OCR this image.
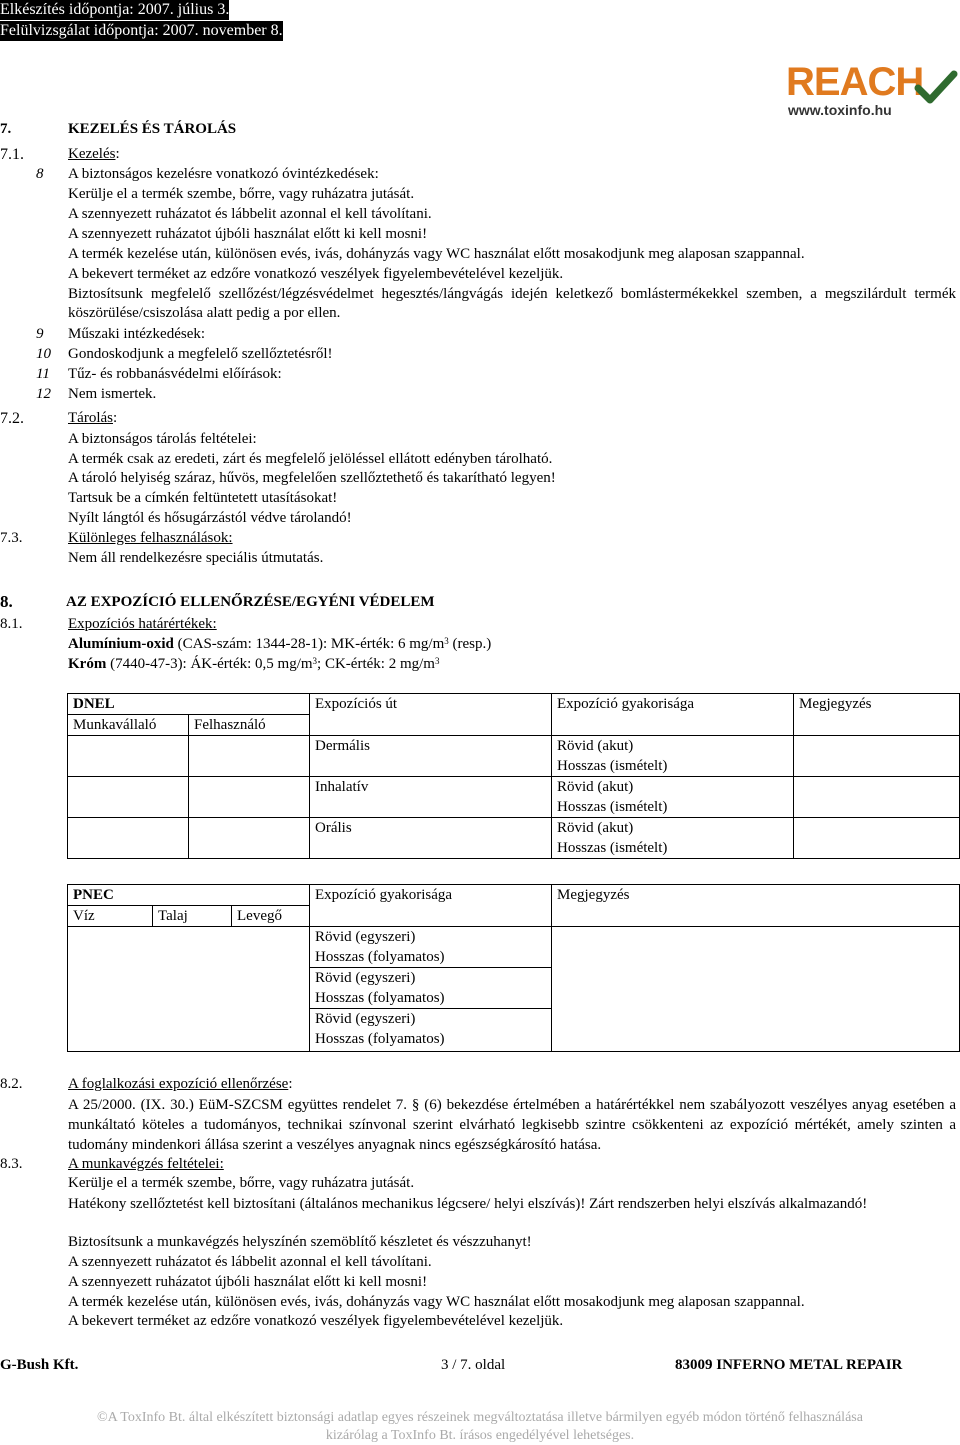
Elkészítés időpontja: 2007. július 3.
Felülvizsgálat időpontja: 2007. november 8.
REACH
www.toxinfo.hu
7.	KEZELÉS ÉS TÁROLÁS
7.1.	Kezelés:
8 A biztonságos kezelésre vonatkozó óvintézkedések:
Kerülje el a termék szembe, bőrre, vagy ruházatra jutását.
A szennyezett ruházatot és lábbelit azonnal el kell távolítani.
A szennyezett ruházatot újbóli használat előtt ki kell mosni!
A termék kezelése után, különösen evés, ivás, dohányzás vagy WC használat előtt mosakodjunk meg alaposan szappannal.
A bekevert terméket az edzőre vonatkozó veszélyek figyelembevételével kezeljük.
Biztosítsunk megfelelő szellőzést/légzésvédelmet hegesztés/lángvágás idején keletkező bomlástermékekkel szemben, a megszilárdult termék köszörülése/csiszolása alatt pedig a por ellen.
9 Műszaki intézkedések:
10 Gondoskodjunk a megfelelő szellőztetésről!
11 Tűz- és robbanásvédelmi előírások:
12 Nem ismertek.
7.2.	Tárolás:
A biztonságos tárolás feltételei:
A termék csak az eredeti, zárt és megfelelő jelöléssel ellátott edényben tárolható.
A tároló helyiség száraz, hűvös, megfelelően szellőztethető és takarítható legyen!
Tartsuk be a címkén feltüntetett utasításokat!
Nyílt lángtól és hősugárzástól védve tárolandó!
7.3.	Különleges felhasználások:
Nem áll rendelkezésre speciális útmutatás.
8.	AZ EXPOZÍCIÓ ELLENŐRZÉSE/EGYÉNI VÉDELEM
8.1.	Expozíciós határértékek:
Alumínium-oxid (CAS-szám: 1344-28-1): MK-érték: 6 $mg/m^3$ (resp.)
Króm (7440-47-3): ÁK-érték: 0,5 $mg/m^3$; CK-érték: 2 $mg/m^3$
DNEL		Expozíciós út	Expozíció gyakorisága	Megjegyzés
Munkavállaló	Felhasználó			
		Dermális	Rövid (akut)
Hosszas (ismételt)	

		Inhalatív	Rövid (akut)
Hosszas (ismételt)	

		Orális	Rövid (akut)
Hosszas (ismételt)	

PNEC			Expozíció gyakorisága	Megjegyzés
Víz	Talaj	Levegő		

			Rövid (egyszeri)
Hosszas (folyamatos)	

			Rövid (egyszeri)
Hosszas (folyamatos)	

			Rövid (egyszeri)
Hosszas (folyamatos)	
8.2.	A foglalkozási expozíció ellenőrzése:
A 25/2000. (IX. 30.) EüM-SZCSM együttes rendelet 7. § (6) bekezdése értelmében a határértékkel nem szabályozott veszélyes anyag esetében a munkáltató köteles a tudományos, technikai színvonal szerint elvárható legkisebb szintre csökkenteni az expozíció mértékét, amely szinten a tudomány mindenkori állása szerint a veszélyes anyagnak nincs egészségkárosító hatása.
8.3.	A munkavégzés feltételei:
Kerülje el a termék szembe, bőrre, vagy ruházatra jutását.
Hatékony szellőztetést kell biztosítani (általános mechanikus légcsere/ helyi elszívás)! Zárt rendszerben helyi elszívás alkalmazandó!
Biztosítsunk a munkavégzés helyszínén szemöblítő készletet és vészzuhanyt!
A szennyezett ruházatot és lábbelit azonnal el kell távolítani.
A szennyezett ruházatot újbóli használat előtt ki kell mosni!
A termék kezelése után, különösen evés, ivás, dohányzás vagy WC használat előtt mosakodjunk meg alaposan szappannal.
A bekevert terméket az edzőre vonatkozó veszélyek figyelembevételével kezeljük.
G-Bush Kft.	3 / 7. oldal	83009 INFERNO METAL REPAIR
©A ToxInfo Bt. által elkészített biztonsági adatlap egyes részeinek megváltoztatása illetve bármilyen egyéb módon történő felhasználása
kizárólag a ToxInfo Bt. írásos engedélyével lehetséges.
